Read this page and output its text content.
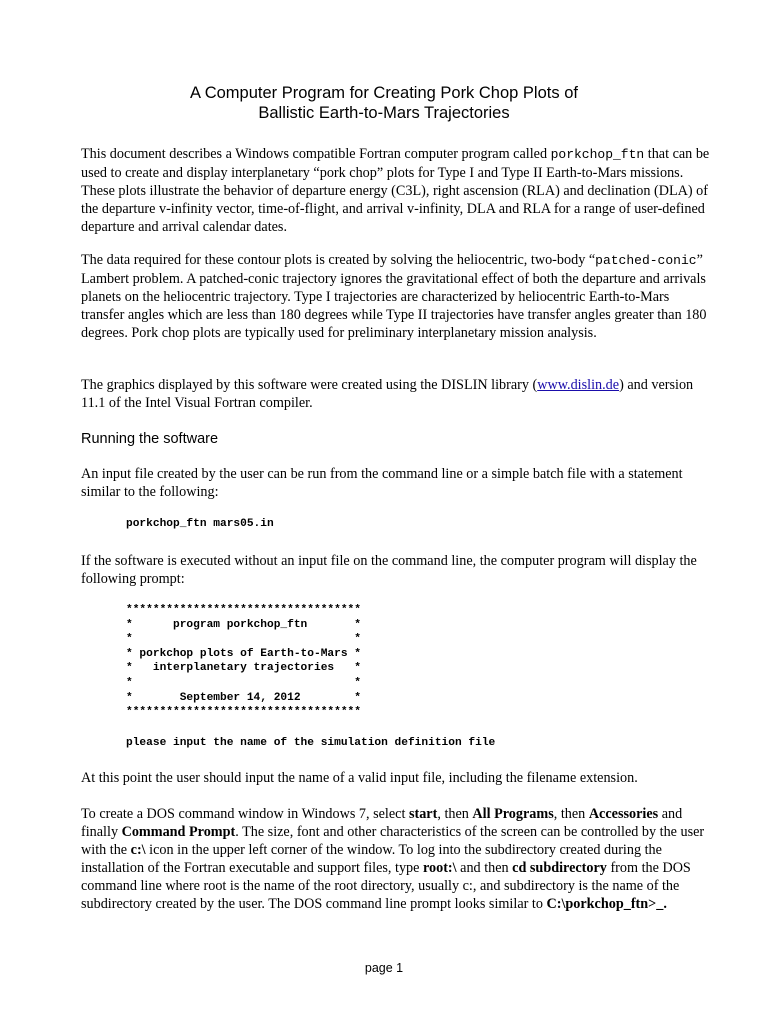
A Computer Program for Creating Pork Chop Plots of
Ballistic Earth-to-Mars Trajectories

This document describes a Windows compatible Fortran computer program called porkchop_ftn that can be used to create and display interplanetary “pork chop” plots for Type I and Type II Earth-to-Mars missions. These plots illustrate the behavior of departure energy (C3L), right ascension (RLA) and declination (DLA) of the departure v-infinity vector, time-of-flight, and arrival v-infinity, DLA and RLA for a range of user-defined departure and arrival calendar dates.

The data required for these contour plots is created by solving the heliocentric, two-body “patched-conic” Lambert problem. A patched-conic trajectory ignores the gravitational effect of both the departure and arrivals planets on the heliocentric trajectory. Type I trajectories are characterized by heliocentric Earth-to-Mars transfer angles which are less than 180 degrees while Type II trajectories have transfer angles greater than 180 degrees. Pork chop plots are typically used for preliminary interplanetary mission analysis.

The graphics displayed by this software were created using the DISLIN library (www.dislin.de) and version 11.1 of the Intel Visual Fortran compiler.

Running the software

An input file created by the user can be run from the command line or a simple batch file with a statement similar to the following:

porkchop_ftn mars05.in

If the software is executed without an input file on the command line, the computer program will display the following prompt:

***********************************
*      program porkchop_ftn       *
*                                 *
* porkchop plots of Earth-to-Mars *
*   interplanetary trajectories   *
*                                 *
*       September 14, 2012        *
***********************************
please input the name of the simulation definition file

At this point the user should input the name of a valid input file, including the filename extension.

To create a DOS command window in Windows 7, select start, then All Programs, then Accessories and finally Command Prompt. The size, font and other characteristics of the screen can be controlled by the user with the c:\ icon in the upper left corner of the window. To log into the subdirectory created during the installation of the Fortran executable and support files, type root:\ and then cd subdirectory from the DOS command line where root is the name of the root directory, usually c:, and subdirectory is the name of the subdirectory created by the user. The DOS command line prompt looks similar to C:\porkchop_ftn>_.

page 1
